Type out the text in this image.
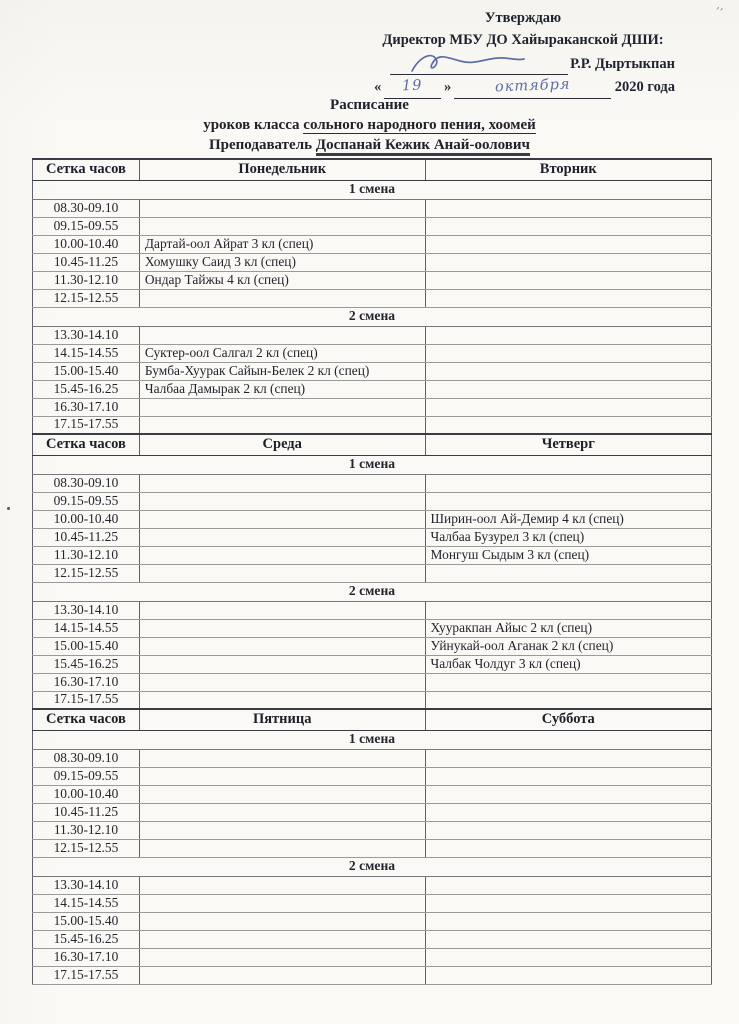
’’
Утверждаю
Директор МБУ ДО Хайыраканской ДШИ:
Р.Р. Дыртыкпан
« 19 »	октября	2020 года
Расписание
уроков класса сольного народного пения, хоомей
Преподаватель Доспанай Кежик Анай-оолович
Сетка часов	Понедельник	Вторник
1 смена		
08.30-09.10		
09.15-09.55		
10.00-10.40	Дартай-оол Айрат 3 кл (спец)	
10.45-11.25	Хомушку Саид 3 кл (спец)	
11.30-12.10	Ондар Тайжы 4 кл (спец)	
12.15-12.55		
2 смена		
13.30-14.10		
14.15-14.55	Суктер-оол Салгал 2 кл (спец)	
15.00-15.40	Бумба-Хуурак Сайын-Белек 2 кл (спец)	
15.45-16.25	Чалбаа Дамырак 2 кл (спец)	
16.30-17.10		
17.15-17.55		
Сетка часов	Среда	Четверг
1 смена		
08.30-09.10		
09.15-09.55		
10.00-10.40		Ширин-оол Ай-Демир 4 кл (спец)
10.45-11.25		Чалбаа Бузурел 3 кл (спец)
11.30-12.10		Монгуш Сыдым 3 кл (спец)
12.15-12.55		
2 смена		
13.30-14.10		
14.15-14.55		Хууракпан Айыс 2 кл (спец)
15.00-15.40		Уйнукай-оол Аганак 2 кл (спец)
15.45-16.25		Чалбак Чолдуг 3 кл (спец)
16.30-17.10		
17.15-17.55		
Сетка часов	Пятница	Суббота
1 смена		
08.30-09.10		
09.15-09.55		
10.00-10.40		
10.45-11.25		
11.30-12.10		
12.15-12.55		
2 смена		
13.30-14.10		
14.15-14.55		
15.00-15.40		
15.45-16.25		
16.30-17.10		
17.15-17.55		
